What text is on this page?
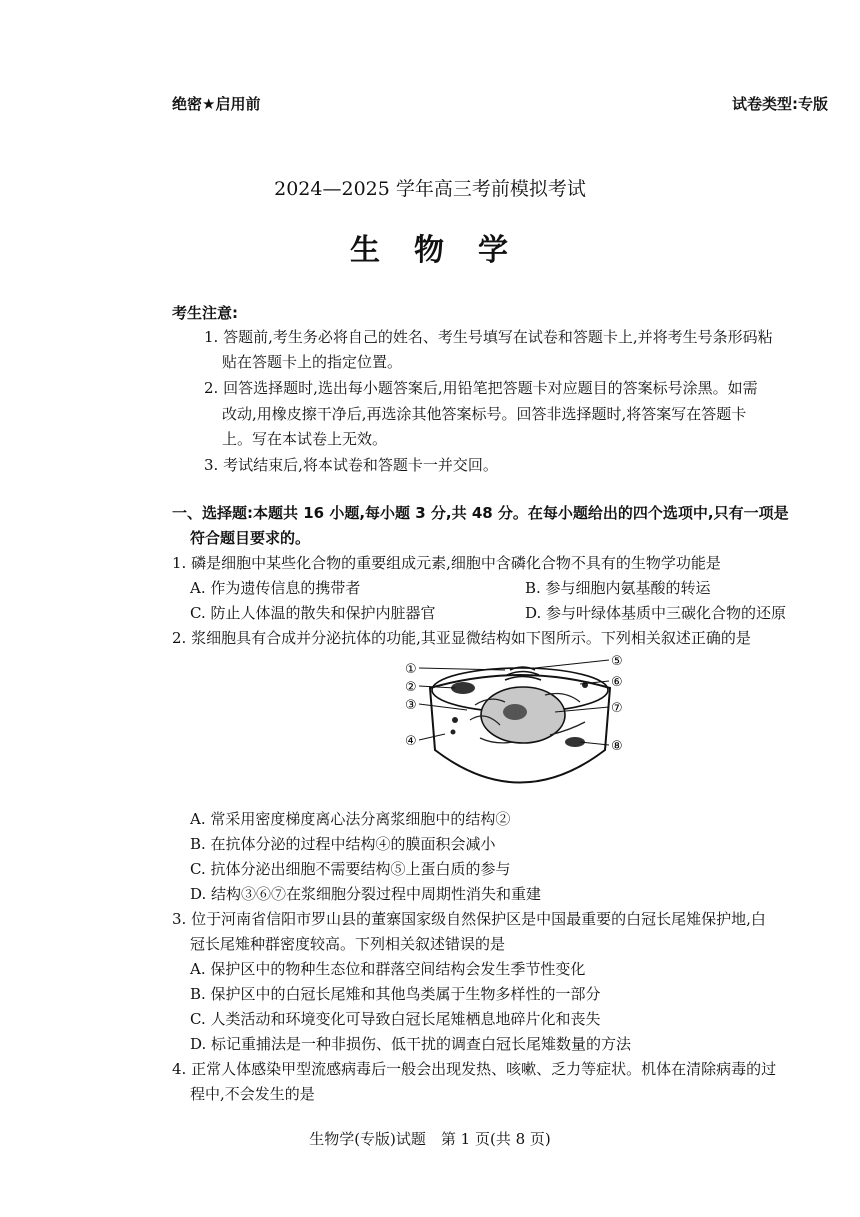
绝密★启用前	试卷类型:专版
2024—2025 学年高三考前模拟考试
生　物　学
考生注意:
1. 答题前,考生务必将自己的姓名、考生号填写在试卷和答题卡上,并将考生号条形码粘
贴在答题卡上的指定位置。
2. 回答选择题时,选出每小题答案后,用铅笔把答题卡对应题目的答案标号涂黑。如需
改动,用橡皮擦干净后,再选涂其他答案标号。回答非选择题时,将答案写在答题卡
上。写在本试卷上无效。
3. 考试结束后,将本试卷和答题卡一并交回。
一、选择题:本题共 16 小题,每小题 3 分,共 48 分。在每小题给出的四个选项中,只有一项是
符合题目要求的。
1. 磷是细胞中某些化合物的重要组成元素,细胞中含磷化合物不具有的生物学功能是
A. 作为遗传信息的携带者	B. 参与细胞内氨基酸的转运
C. 防止人体温的散失和保护内脏器官	D. 参与叶绿体基质中三碳化合物的还原
2. 浆细胞具有合成并分泌抗体的功能,其亚显微结构如下图所示。下列相关叙述正确的是
①
②
③
④
⑤
⑥
⑦
⑧
A. 常采用密度梯度离心法分离浆细胞中的结构②
B. 在抗体分泌的过程中结构④的膜面积会减小
C. 抗体分泌出细胞不需要结构⑤上蛋白质的参与
D. 结构③⑥⑦在浆细胞分裂过程中周期性消失和重建
3. 位于河南省信阳市罗山县的董寨国家级自然保护区是中国最重要的白冠长尾雉保护地,白
冠长尾雉种群密度较高。下列相关叙述错误的是
A. 保护区中的物种生态位和群落空间结构会发生季节性变化
B. 保护区中的白冠长尾雉和其他鸟类属于生物多样性的一部分
C. 人类活动和环境变化可导致白冠长尾雉栖息地碎片化和丧失
D. 标记重捕法是一种非损伤、低干扰的调查白冠长尾雉数量的方法
4. 正常人体感染甲型流感病毒后一般会出现发热、咳嗽、乏力等症状。机体在清除病毒的过
程中,不会发生的是
生物学(专版)试题　第 1 页(共 8 页)
